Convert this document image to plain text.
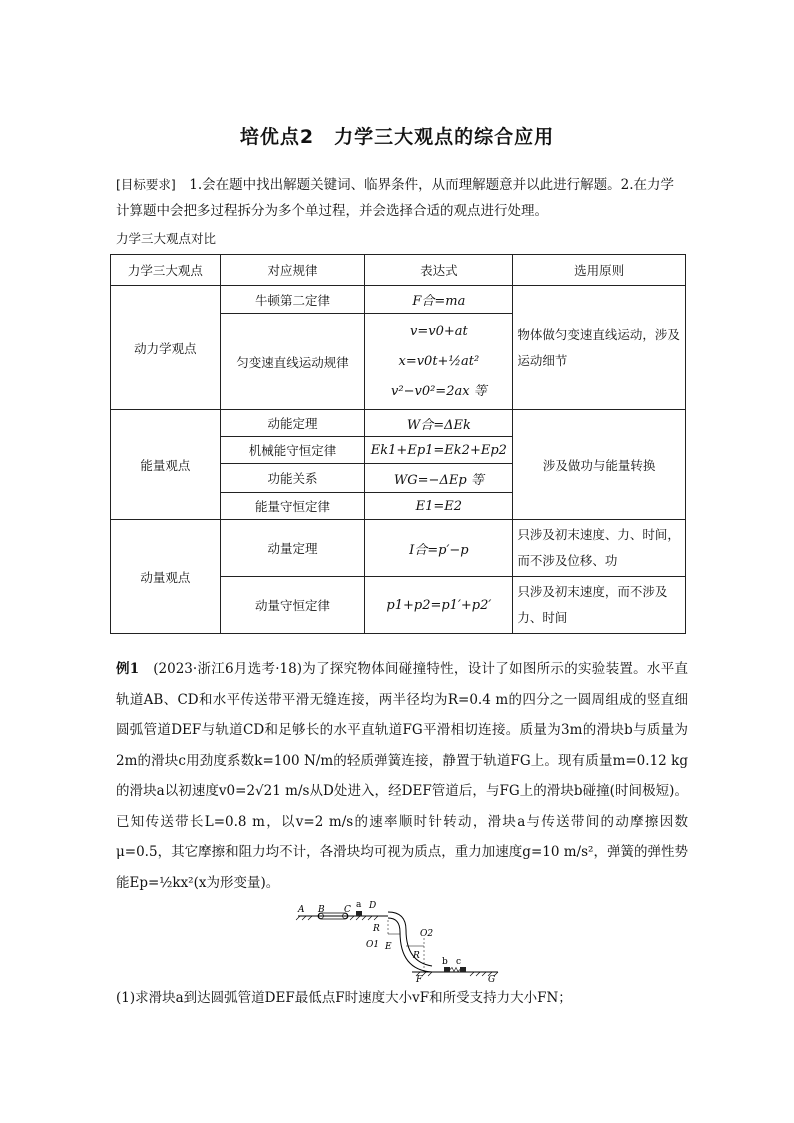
培优点2　力学三大观点的综合应用

[目标要求]　1.会在题中找出解题关键词、临界条件，从而理解题意并以此进行解题。2.在力学计算题中会把多过程拆分为多个单过程，并会选择合适的观点进行处理。

力学三大观点对比

力学三大观点	对应规律	表达式	选用原则
动力学观点	牛顿第二定律	F合=ma	物体做匀变速直线运动，涉及运动细节
	匀变速直线运动规律	v=v0+at
x=v0t+½at²
v²−v0²=2ax 等	

能量观点	动能定理	W合=ΔEk	涉及做功与能量转换
	机械能守恒定律	Ek1+Ep1=Ek2+Ep2	
	功能关系	WG=−ΔEp 等	
	能量守恒定律	E1=E2	
动量观点	动量定理	I合=p′−p	只涉及初末速度、力、时间，而不涉及位移、功
	动量守恒定律	p1+p2=p1′+p2′	只涉及初末速度，而不涉及力、时间

例1　(2023·浙江6月选考·18)为了探究物体间碰撞特性，设计了如图所示的实验装置。水平直轨道AB、CD和水平传送带平滑无缝连接，两半径均为R=0.4 m的四分之一圆周组成的竖直细圆弧管道DEF与轨道CD和足够长的水平直轨道FG平滑相切连接。质量为3m的滑块b与质量为2m的滑块c用劲度系数k=100 N/m的轻质弹簧连接，静置于轨道FG上。现有质量m=0.12 kg的滑块a以初速度v0=2√21 m/s从D处进入，经DEF管道后，与FG上的滑块b碰撞(时间极短)。已知传送带长L=0.8 m，以v=2 m/s的速率顺时针转动，滑块a与传送带间的动摩擦因数μ=0.5，其它摩擦和阻力均不计，各滑块均可视为质点，重力加速度g=10 m/s²，弹簧的弹性势能Ep=½kx²(x为形变量)。

A B C a D
R
O1 E
O2
R
F
b c
G

(1)求滑块a到达圆弧管道DEF最低点F时速度大小vF和所受支持力大小FN；
